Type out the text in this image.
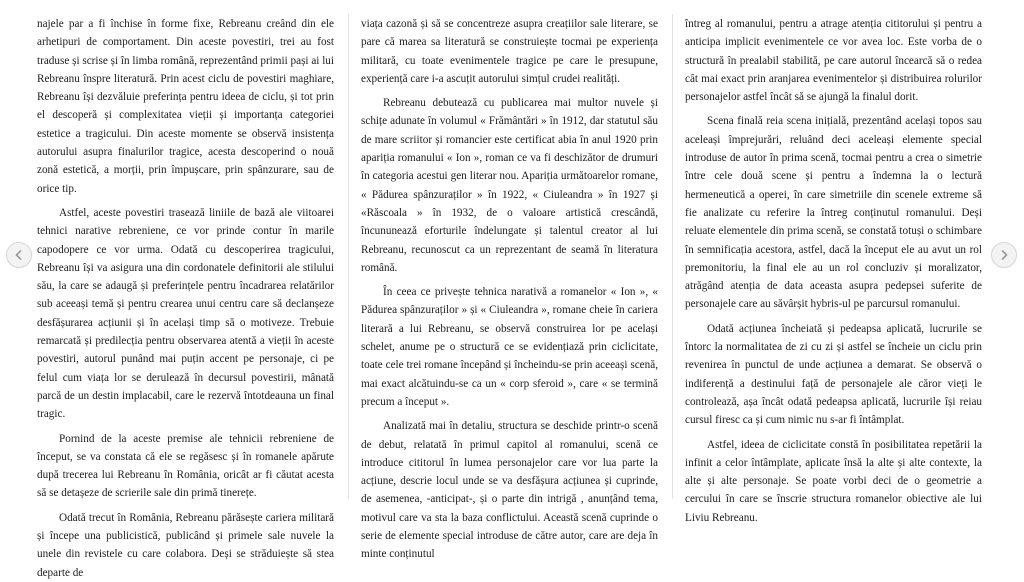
najele par a fi închise în forme fixe, Rebreanu creând din ele arhetipuri de comportament. Din aceste povestiri, trei au fost traduse și scrise și în limba română, reprezentând primii pași ai lui Rebreanu înspre literatură. Prin acest ciclu de povestiri maghiare, Rebreanu își dezvăluie preferința pentru ideea de ciclu, și tot prin el descoperă și complexitatea vieții și importanța categoriei estetice a tragicului. Din aceste momente se observă insistența autorului asupra finalurilor tragice, acesta descoperind o nouă zonă estetică, a morții, prin împușcare, prin spânzurare, sau de orice tip.

Astfel, aceste povestiri trasează liniile de bază ale viitoarei tehnici narative rebreniene, ce vor prinde contur în marile capodopere ce vor urma. Odată cu descoperirea tragicului, Rebreanu își va asigura una din cordonatele definitorii ale stilului său, la care se adaugă și preferințele pentru încadrarea relatărilor sub aceeași temă și pentru crearea unui centru care să declanșeze desfășurarea acțiunii și în același timp să o motiveze. Trebuie remarcată și predilecția pentru observarea atentă a vieții în aceste povestiri, autorul punând mai puțin accent pe personaje, ci pe felul cum viața lor se derulează în decursul povestirii, mânată parcă de un destin implacabil, care le rezervă întotdeauna un final tragic.

Pornind de la aceste premise ale tehnicii rebreniene de început, se va constata că ele se regăsesc și în romanele apărute după trecerea lui Rebreanu în România, oricât ar fi căutat acesta să se detașeze de scrierile sale din primă tinerețe.

Odată trecut în România, Rebreanu părăsește cariera militară și începe una publicistică, publicând și primele sale nuvele la unele din revistele cu care colabora. Deși se străduiește să stea departe de

viața cazonă și să se concentreze asupra creațiilor sale literare, se pare că marea sa literatură se construiește tocmai pe experiența militară, cu toate evenimentele tragice pe care le presupune, experiență care i-a ascuțit autorului simțul crudei realități.

Rebreanu debutează cu publicarea mai multor nuvele și schițe adunate în volumul « Frământări » în 1912, dar statutul său de mare scriitor și romancier este certificat abia în anul 1920 prin apariția romanului « Ion », roman ce va fi deschizător de drumuri în categoria acestui gen literar nou. Apariția următoarelor romane, « Pădurea spânzuraților » în 1922, « Ciuleandra » în 1927 și «Răscoala » în 1932, de o valoare artistică crescândă, încununează eforturile îndelungate și talentul creator al lui Rebreanu, recunoscut ca un reprezentant de seamă în literatura română.

În ceea ce privește tehnica narativă a romanelor « Ion », « Pădurea spânzuraților » și « Ciuleandra », romane cheie în cariera literară a lui Rebreanu, se observă construirea lor pe același schelet, anume pe o structură ce se evidențiază prin ciclicitate, toate cele trei romane începând și încheindu-se prin aceeași scenă, mai exact alcătuindu-se ca un « corp sferoid », care « se termină precum a început ».

Analizată mai în detaliu, structura se deschide printr-o scenă de debut, relatată în primul capitol al romanului, scenă ce introduce cititorul în lumea personajelor care vor lua parte la acțiune, descrie locul unde se va desfășura acțiunea și cuprinde, de asemenea, -anticipat-, și o parte din intrigă , anunțând tema, motivul care va sta la baza conflictului. Această scenă cuprinde o serie de elemente special introduse de către autor, care are deja în minte conținutul

întreg al romanului, pentru a atrage atenția cititorului și pentru a anticipa implicit evenimentele ce vor avea loc. Este vorba de o structură în prealabil stabilită, pe care autorul încearcă să o redea cât mai exact prin aranjarea evenimentelor și distribuirea rolurilor personajelor astfel încât să se ajungă la finalul dorit.

Scena finală reia scena inițială, prezentând același topos sau aceleași împrejurări, reluând deci aceleași elemente special introduse de autor în prima scenă, tocmai pentru a crea o simetrie între cele două scene și pentru a îndemna la o lectură hermeneutică a operei, în care simetriile din scenele extreme să fie analizate cu referire la întreg conținutul romanului. Deși reluate elementele din prima scenă, se constată totuși o schimbare în semnificația acestora, astfel, dacă la început ele au avut un rol premonitoriu, la final ele au un rol concluziv și moralizator, atrăgând atenția de data aceasta asupra pedepsei suferite de personajele care au săvârșit hybris-ul pe parcursul romanului.

Odată acțiunea încheiată și pedeapsa aplicată, lucrurile se întorc la normalitatea de zi cu zi și astfel se încheie un ciclu prin revenirea în punctul de unde acțiunea a demarat. Se observă o indiferență a destinului față de personajele ale căror vieți le controlează, așa încât odată pedeapsa aplicată, lucrurile își reiau cursul firesc ca și cum nimic nu s-ar fi întâmplat.

Astfel, ideea de ciclicitate constă în posibilitatea repetării la infinit a celor întâmplate, aplicate însă la alte și alte contexte, la alte și alte personaje. Se poate vorbi deci de o geometrie a cercului în care se înscrie structura romanelor obiective ale lui Liviu Rebreanu.
